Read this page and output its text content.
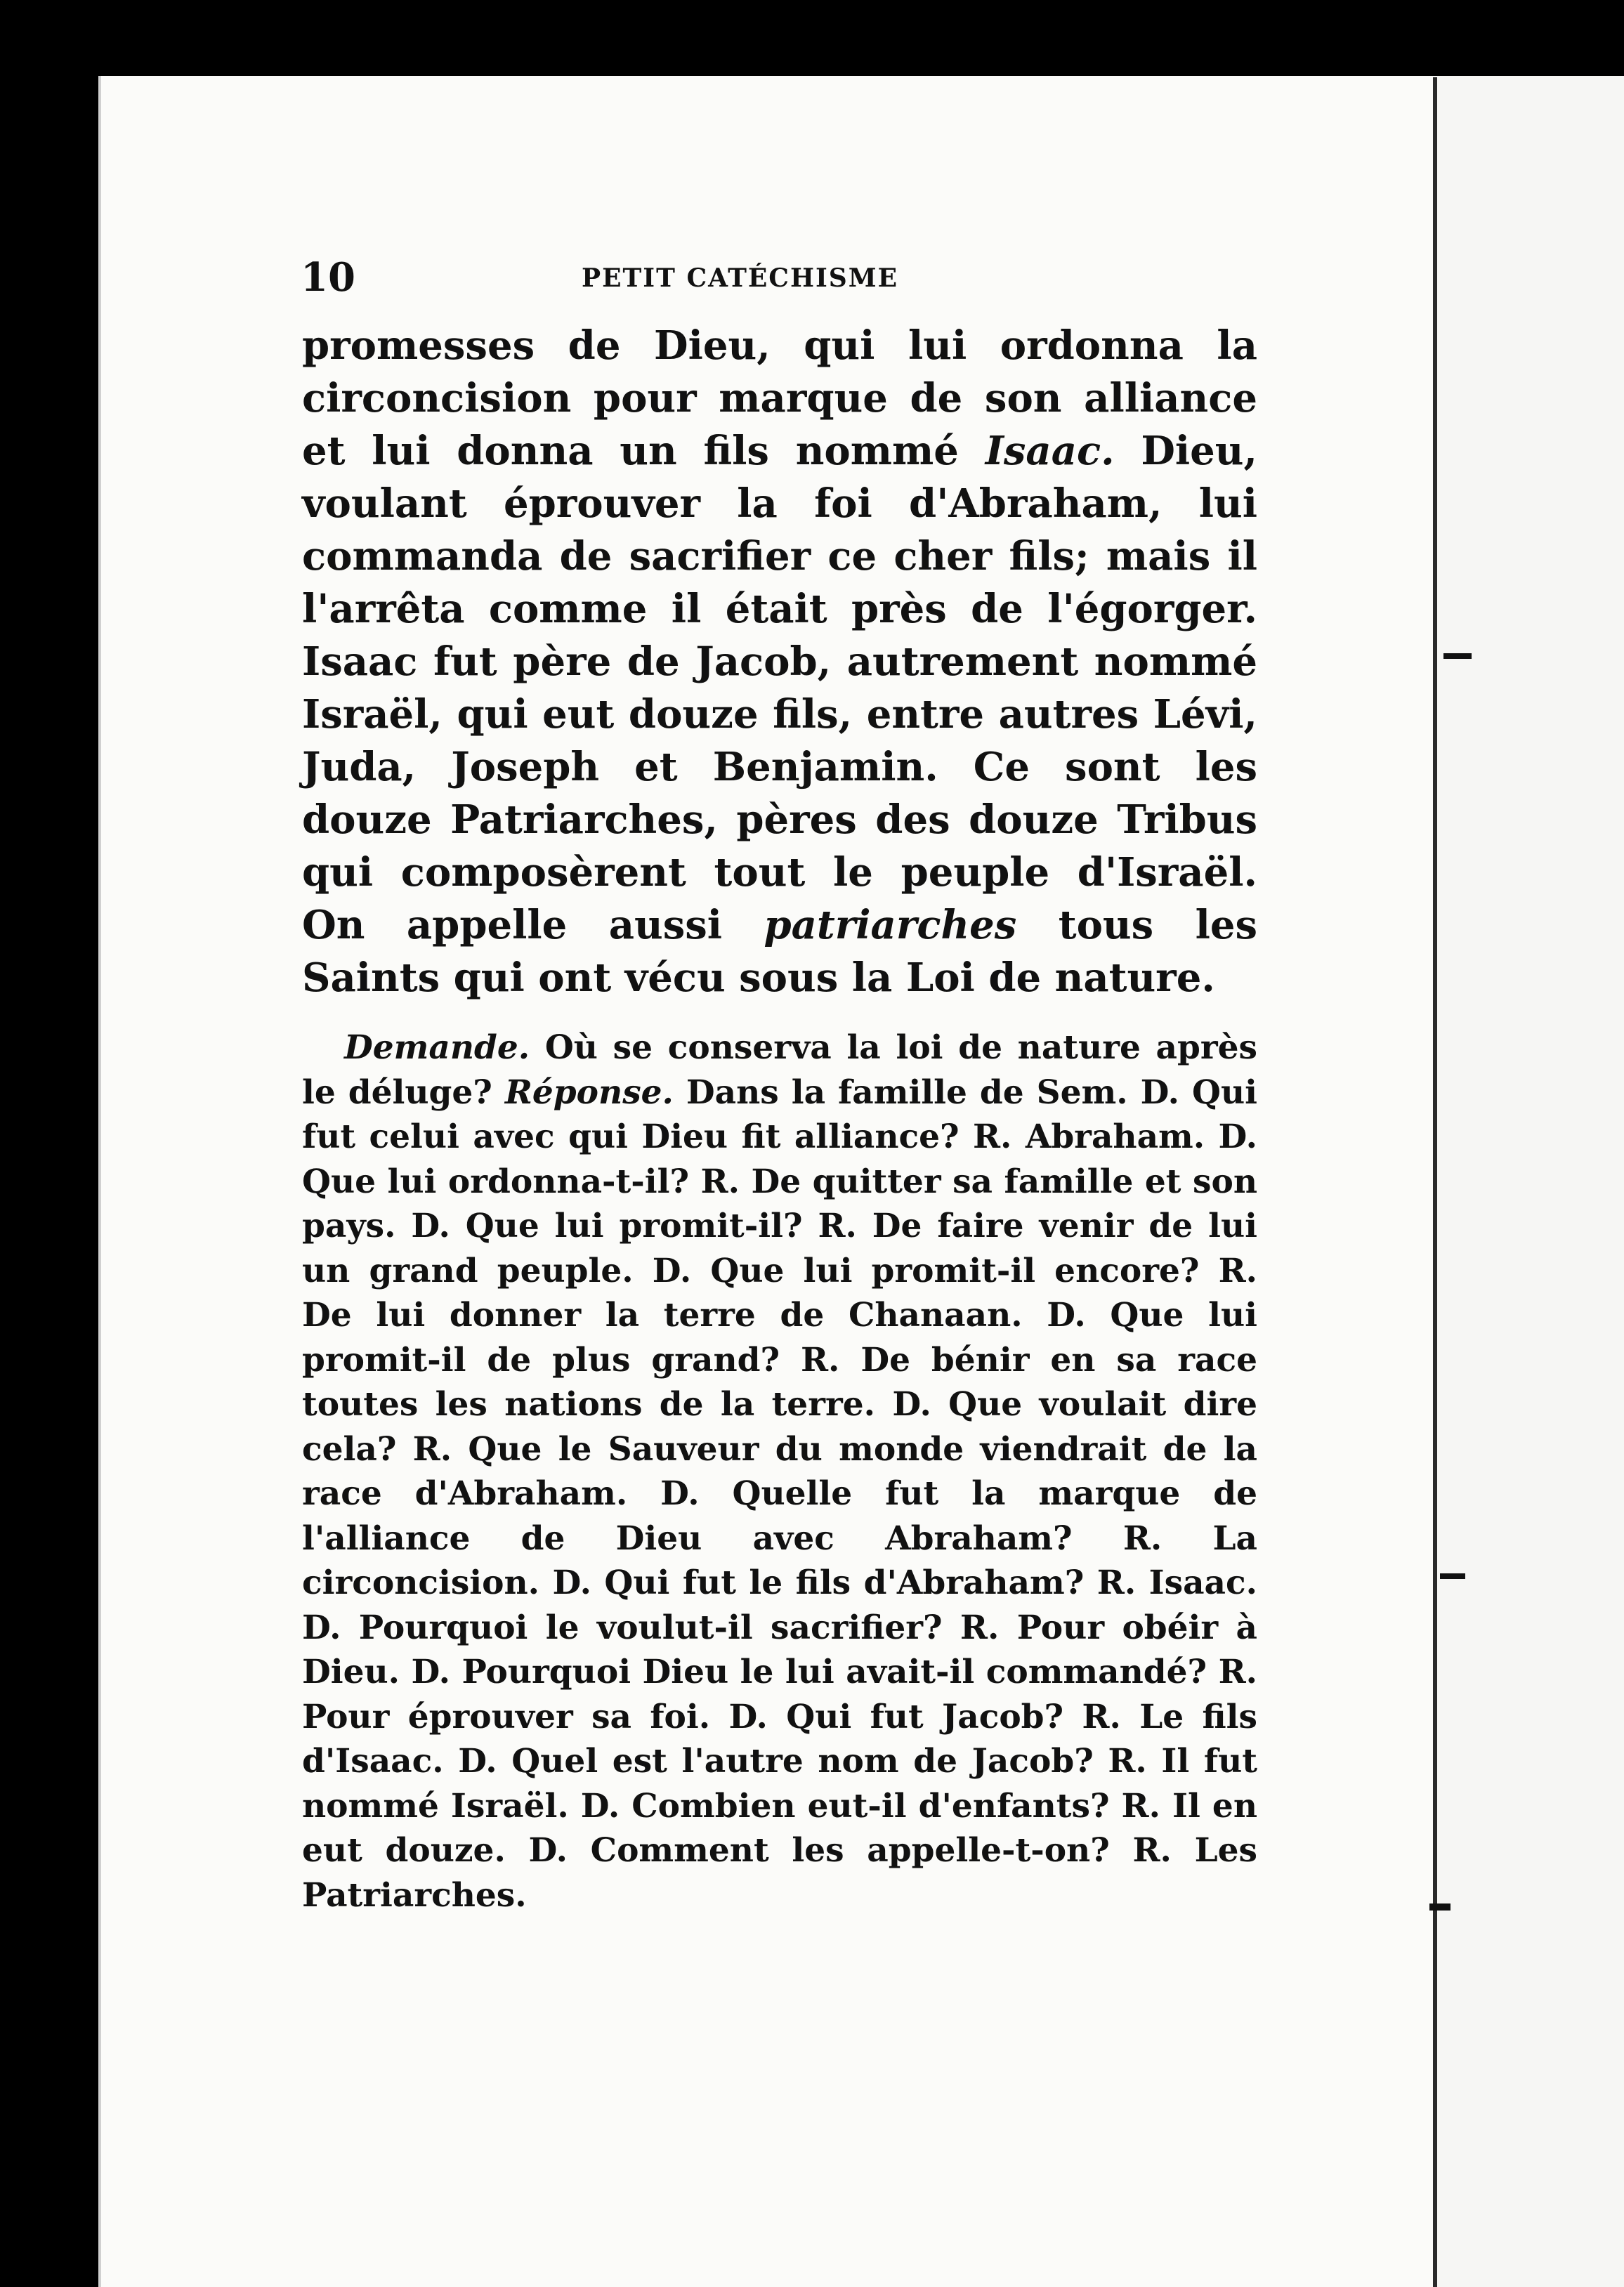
10	PETIT CATÉCHISME

promesses de Dieu, qui lui ordonna la circoncision pour marque de son alliance et lui donna un fils nommé Isaac. Dieu, voulant éprouver la foi d'Abraham, lui commanda de sacrifier ce cher fils; mais il l'arrêta comme il était près de l'égorger. Isaac fut père de Jacob, autrement nommé Israël, qui eut douze fils, entre autres Lévi, Juda, Joseph et Benjamin. Ce sont les douze Patriarches, pères des douze Tribus qui composèrent tout le peuple d'Israël. On appelle aussi patriarches tous les Saints qui ont vécu sous la Loi de nature.

Demande. Où se conserva la loi de nature après le déluge? Réponse. Dans la famille de Sem. D. Qui fut celui avec qui Dieu fit alliance? R. Abraham. D. Que lui ordonna-t-il? R. De quitter sa famille et son pays. D. Que lui promit-il? R. De faire venir de lui un grand peuple. D. Que lui promit-il encore? R. De lui donner la terre de Chanaan. D. Que lui promit-il de plus grand? R. De bénir en sa race toutes les nations de la terre. D. Que voulait dire cela? R. Que le Sauveur du monde viendrait de la race d'Abraham. D. Quelle fut la marque de l'alliance de Dieu avec Abraham? R. La circoncision. D. Qui fut le fils d'Abraham? R. Isaac. D. Pourquoi le voulut-il sacrifier? R. Pour obéir à Dieu. D. Pourquoi Dieu le lui avait-il commandé? R. Pour éprouver sa foi. D. Qui fut Jacob? R. Le fils d'Isaac. D. Quel est l'autre nom de Jacob? R. Il fut nommé Israël. D. Combien eut-il d'enfants? R. Il en eut douze. D. Comment les appelle-t-on? R. Les Patriarches.
